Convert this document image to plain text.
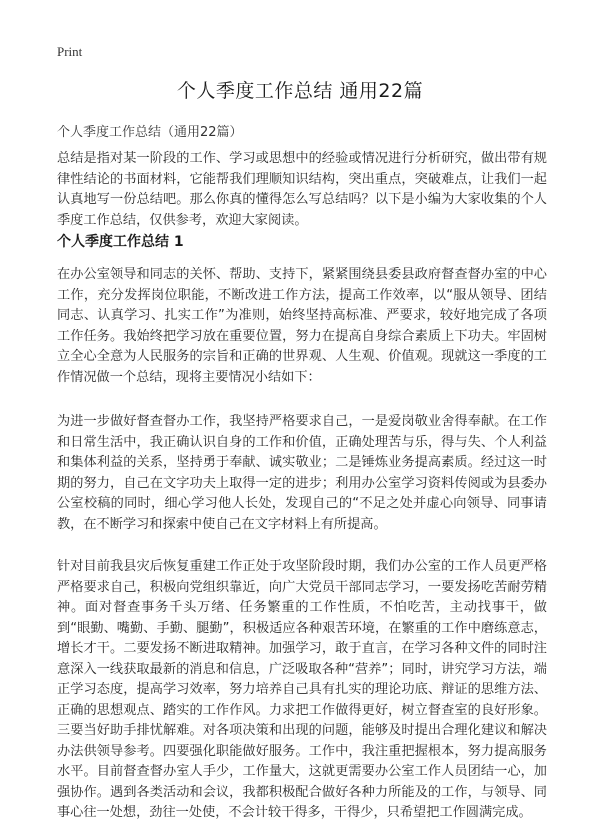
Print
个人季度工作总结 通用22篇
个人季度工作总结（通用22篇）

总结是指对某一阶段的工作、学习或思想中的经验或情况进行分析研究，做出带有规律性结论的书面材料，它能帮我们理顺知识结构，突出重点，突破难点，让我们一起认真地写一份总结吧。那么你真的懂得怎么写总结吗？以下是小编为大家收集的个人季度工作总结，仅供参考，欢迎大家阅读。

个人季度工作总结 1

在办公室领导和同志的关怀、帮助、支持下，紧紧围绕县委县政府督查督办室的中心工作，充分发挥岗位职能，不断改进工作方法，提高工作效率，以“服从领导、团结同志、认真学习、扎实工作”为准则，始终坚持高标准、严要求，较好地完成了各项工作任务。我始终把学习放在重要位置，努力在提高自身综合素质上下功夫。牢固树立全心全意为人民服务的宗旨和正确的世界观、人生观、价值观。现就这一季度的工作情况做一个总结，现将主要情况小结如下：

为进一步做好督查督办工作，我坚持严格要求自己，一是爱岗敬业舍得奉献。在工作和日常生活中，我正确认识自身的工作和价值，正确处理苦与乐，得与失、个人利益和集体利益的关系，坚持勇于奉献、诚实敬业；二是锤炼业务提高素质。经过这一时期的努力，自己在文字功夫上取得一定的进步；利用办公室学习资料传阅或为县委办公室校稿的同时，细心学习他人长处，发现自己的“不足之处并虚心向领导、同事请教，在不断学习和探索中使自己在文字材料上有所提高。

针对目前我县灾后恢复重建工作正处于攻坚阶段时期，我们办公室的工作人员更严格严格要求自己，积极向党组织靠近，向广大党员干部同志学习，一要发扬吃苦耐劳精神。面对督查事务千头万绪、任务繁重的工作性质，不怕吃苦，主动找事干，做到“眼勤、嘴勤、手勤、腿勤”，积极适应各种艰苦环境，在繁重的工作中磨练意志，增长才干。二要发扬不断进取精神。加强学习，敢于直言，在学习各种文件的同时注意深入一线获取最新的消息和信息，广泛吸取各种“营养”；同时，讲究学习方法，端正学习态度，提高学习效率，努力培养自己具有扎实的理论功底、辩证的思维方法、正确的思想观点、踏实的工作作风。力求把工作做得更好，树立督查室的良好形象。三要当好助手排忧解难。对各项决策和出现的问题，能够及时提出合理化建议和解决办法供领导参考。四要强化职能做好服务。工作中，我注重把握根本，努力提高服务水平。目前督查督办室人手少，工作量大，这就更需要办公室工作人员团结一心，加强协作。遇到各类活动和会议，我都积极配合做好各种力所能及的工作，与领导、同事心往一处想，劲往一处使，不会计较干得多，干得少，只希望把工作圆满完成。
